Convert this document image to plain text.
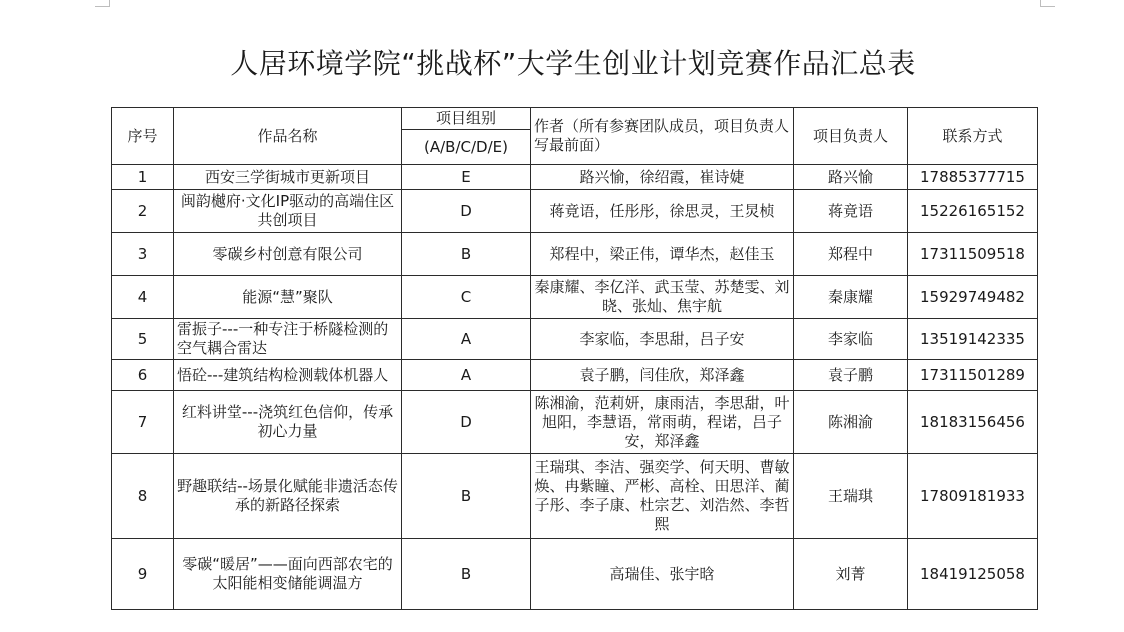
人居环境学院“挑战杯”大学生创业计划竞赛作品汇总表
序号	作品名称	项目组别	作者（所有参赛团队成员，项目负责人写最前面）	项目负责人	联系方式
		(A/B/C/D/E)			
1	西安三学街城市更新项目	E	路兴愉，徐绍霞，崔诗婕	路兴愉	17885377715
2	闽韵樾府·文化IP驱动的高端住区共创项目	D	蒋竟语，任彤彤，徐思灵，王炅桢	蒋竟语	15226165152
3	零碳乡村创意有限公司	B	郑程中，梁正伟，谭华杰，赵佳玉	郑程中	17311509518
4	能源“慧”聚队	C	秦康耀、李亿洋、武玉莹、苏楚雯、刘晓、张灿、焦宇航	秦康耀	15929749482
5	雷振子---一种专注于桥隧检测的空气耦合雷达	A	李家临，李思甜，吕子安	李家临	13519142335
6	悟砼---建筑结构检测载体机器人	A	袁子鹏，闫佳欣，郑泽鑫	袁子鹏	17311501289
7	红料讲堂---浇筑红色信仰，传承初心力量	D	陈湘渝，范莉妍，康雨洁，李思甜，叶旭阳，李慧语，常雨萌，程诺，吕子安，郑泽鑫	陈湘渝	18183156456
8	野趣联结--场景化赋能非遗活态传承的新路径探索	B	王瑞琪、李洁、强奕学、何天明、曹敏焕、冉紫瞳、严彬、高栓、田思洋、蔺子彤、李子康、杜宗艺、刘浩然、李哲熙	王瑞琪	17809181933
9	零碳“暖居”——面向西部农宅的太阳能相变储能调温方	B	高瑞佳、张宇晗	刘菁	18419125058
